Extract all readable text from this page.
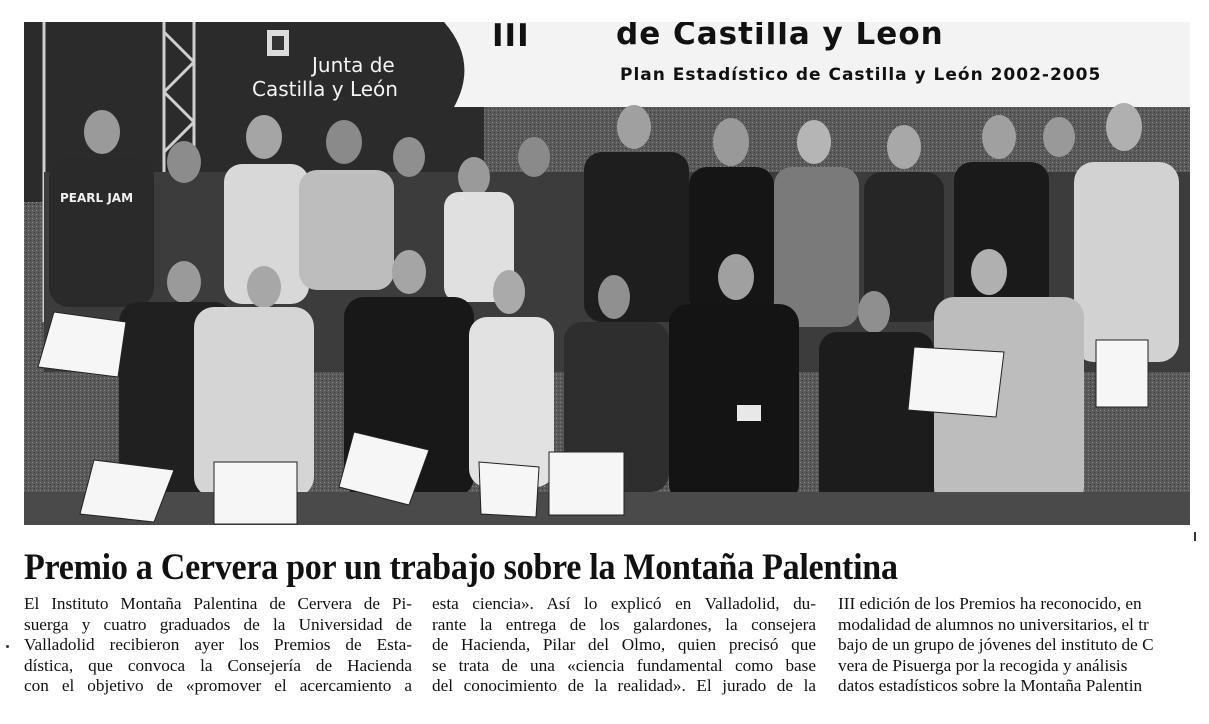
III	de Castilla y Leon
Plan Estadístico de Castilla y León 2002-2005
Junta de
Castilla y León
PEARL JAM
Premio a Cervera por un trabajo sobre la Montaña Palentina
El Instituto Montaña Palentina de Cervera de Pi-
suerga y cuatro graduados de la Universidad de
Valladolid recibieron ayer los Premios de Esta-
dística, que convoca la Consejería de Hacienda
con el objetivo de «promover el acercamiento a
esta ciencia». Así lo explicó en Valladolid, du-
rante la entrega de los galardones, la consejera
de Hacienda, Pilar del Olmo, quien precisó que
se trata de una «ciencia fundamental como base
del conocimiento de la realidad». El jurado de la
III edición de los Premios ha reconocido, en
modalidad de alumnos no universitarios, el tr
bajo de un grupo de jóvenes del instituto de C
vera de Pisuerga por la recogida y análisis
datos estadísticos sobre la Montaña Palentin
